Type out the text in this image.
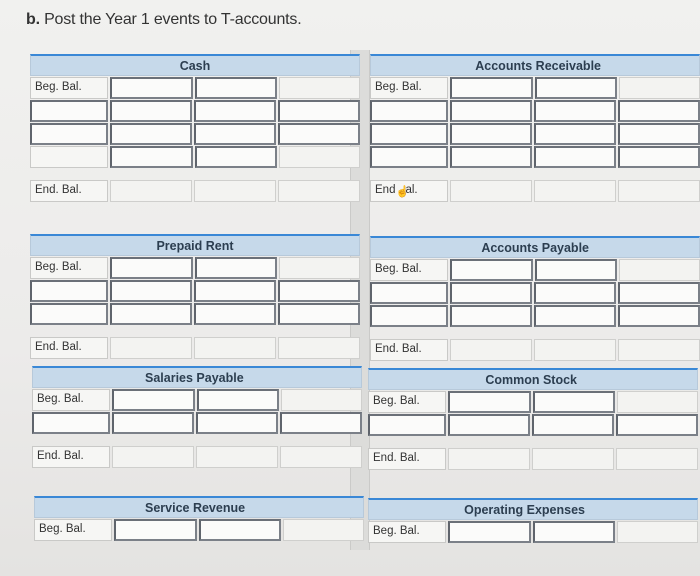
b. Post the Year 1 events to T-accounts.
Cash
Beg. Bal.
End. Bal.
Accounts Receivable
Beg. Bal.
End☝al.
Prepaid Rent
Beg. Bal.
End. Bal.
Accounts Payable
Beg. Bal.
End. Bal.
Salaries Payable
Beg. Bal.
End. Bal.
Common Stock
Beg. Bal.
End. Bal.
Service Revenue
Beg. Bal.
Operating Expenses
Beg. Bal.
